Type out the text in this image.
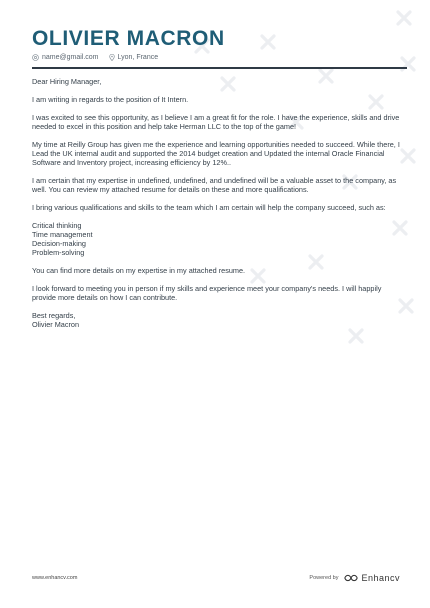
OLIVIER MACRON
name@gmail.com	Lyon, France

Dear Hiring Manager,

I am writing in regards to the position of It Intern.

I was excited to see this opportunity, as I believe I am a great fit for the role. I have the experience, skills and drive needed to excel in this position and help take Herman LLC to the top of the game!

My time at Reilly Group has given me the experience and learning opportunities needed to succeed. While there, I Lead the UK internal audit and supported the 2014 budget creation and Updated the internal Oracle Financial Software and Inventory project, increasing efficiency by 12%..

I am certain that my expertise in undefined, undefined, and undefined will be a valuable asset to the company, as well. You can review my attached resume for details on these and more qualifications.

I bring various qualifications and skills to the team which I am certain will help the company succeed, such as:

Critical thinking
Time management
Decision-making
Problem-solving

You can find more details on my expertise in my attached resume.

I look forward to meeting you in person if my skills and experience meet your company's needs. I will happily provide more details on how I can contribute.

Best regards,
Olivier Macron

www.enhancv.com	Powered by	Enhancv
